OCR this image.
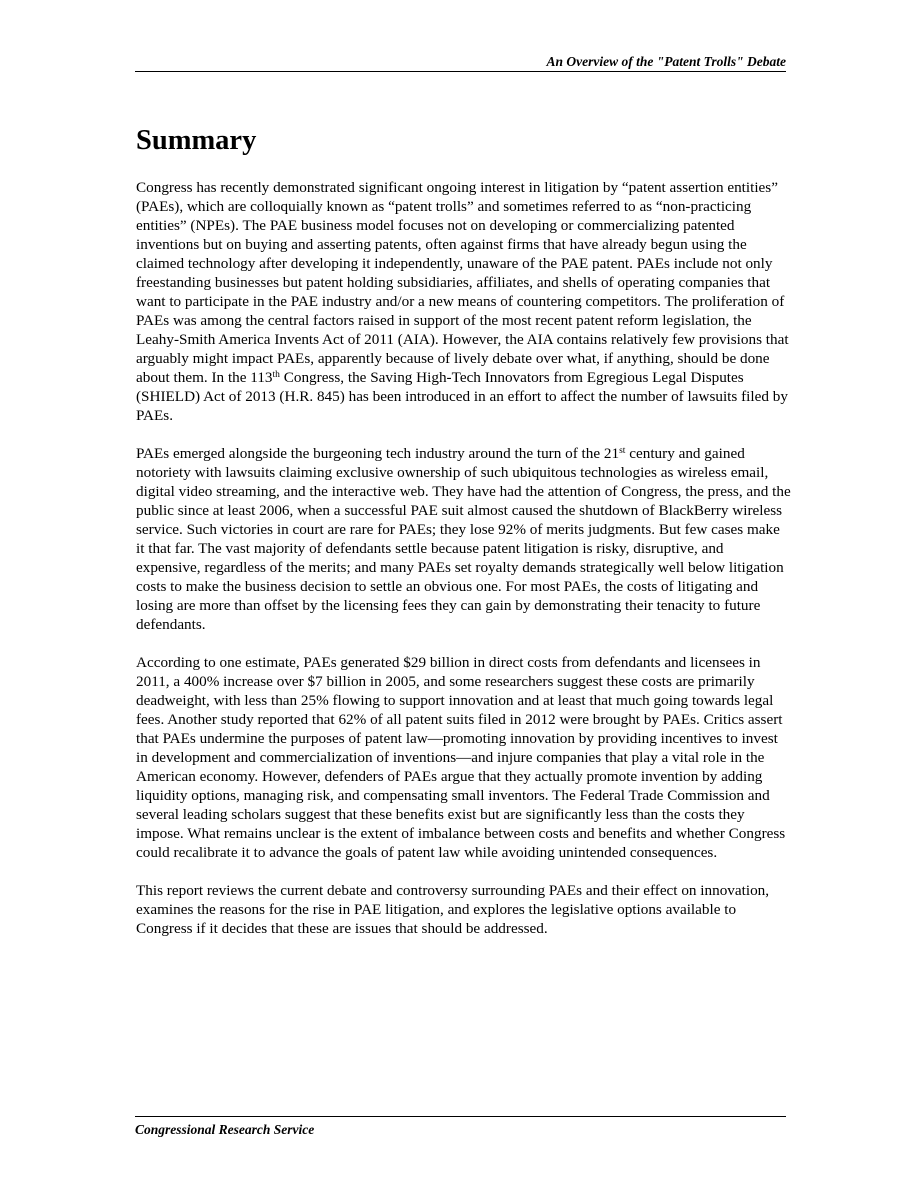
An Overview of the "Patent Trolls" Debate
Summary

Congress has recently demonstrated significant ongoing interest in litigation by “patent assertion entities” (PAEs), which are colloquially known as “patent trolls” and sometimes referred to as “non-practicing entities” (NPEs). The PAE business model focuses not on developing or commercializing patented inventions but on buying and asserting patents, often against firms that have already begun using the claimed technology after developing it independently, unaware of the PAE patent. PAEs include not only freestanding businesses but patent holding subsidiaries, affiliates, and shells of operating companies that want to participate in the PAE industry and/or a new means of countering competitors. The proliferation of PAEs was among the central factors raised in support of the most recent patent reform legislation, the Leahy-Smith America Invents Act of 2011 (AIA). However, the AIA contains relatively few provisions that arguably might impact PAEs, apparently because of lively debate over what, if anything, should be done about them. In the 113th Congress, the Saving High-Tech Innovators from Egregious Legal Disputes (SHIELD) Act of 2013 (H.R. 845) has been introduced in an effort to affect the number of lawsuits filed by PAEs.

PAEs emerged alongside the burgeoning tech industry around the turn of the 21st century and gained notoriety with lawsuits claiming exclusive ownership of such ubiquitous technologies as wireless email, digital video streaming, and the interactive web. They have had the attention of Congress, the press, and the public since at least 2006, when a successful PAE suit almost caused the shutdown of BlackBerry wireless service. Such victories in court are rare for PAEs; they lose 92% of merits judgments. But few cases make it that far. The vast majority of defendants settle because patent litigation is risky, disruptive, and expensive, regardless of the merits; and many PAEs set royalty demands strategically well below litigation costs to make the business decision to settle an obvious one. For most PAEs, the costs of litigating and losing are more than offset by the licensing fees they can gain by demonstrating their tenacity to future defendants.

According to one estimate, PAEs generated $29 billion in direct costs from defendants and licensees in 2011, a 400% increase over $7 billion in 2005, and some researchers suggest these costs are primarily deadweight, with less than 25% flowing to support innovation and at least that much going towards legal fees. Another study reported that 62% of all patent suits filed in 2012 were brought by PAEs. Critics assert that PAEs undermine the purposes of patent law—promoting innovation by providing incentives to invest in development and commercialization of inventions—and injure companies that play a vital role in the American economy. However, defenders of PAEs argue that they actually promote invention by adding liquidity options, managing risk, and compensating small inventors. The Federal Trade Commission and several leading scholars suggest that these benefits exist but are significantly less than the costs they impose. What remains unclear is the extent of imbalance between costs and benefits and whether Congress could recalibrate it to advance the goals of patent law while avoiding unintended consequences.

This report reviews the current debate and controversy surrounding PAEs and their effect on innovation, examines the reasons for the rise in PAE litigation, and explores the legislative options available to Congress if it decides that these are issues that should be addressed.

Congressional Research Service
